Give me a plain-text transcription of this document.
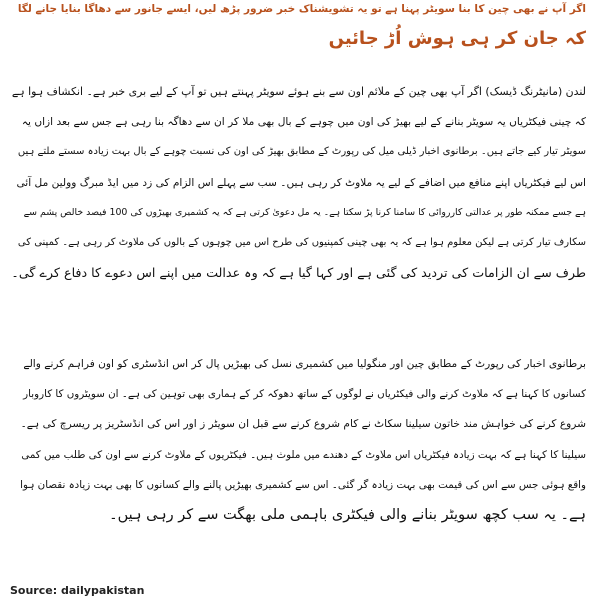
اگر آپ نے بھی چین کا بنا سویٹر پہنا ہے تو یہ تشویشناک خبر ضرور پڑھ لیں، ایسے جانور سے دھاگا بنایا جانے لگا
کہ جان کر ہی ہوش اُڑ جائیں

لندن (مانیٹرنگ ڈیسک) اگر آپ بھی چین کے ملائم اون سے بنے ہوئے سویٹر پہنتے ہیں تو آپ کے لیے بری خبر ہے۔ انکشاف ہوا ہے
کہ چینی فیکٹریاں یہ سویٹر بنانے کے لیے بھیڑ کی اون میں چوہے کے بال بھی ملا کر ان سے دھاگہ بنا رہی ہے جس سے بعد ازاں یہ
سویٹر تیار کیے جاتے ہیں۔ برطانوی اخبار ڈیلی میل کی رپورٹ کے مطابق بھیڑ کی اون کی نسبت چوہے کے بال بہت زیادہ سستے ملتے ہیں
اس لیے فیکٹریاں اپنے منافع میں اضافے کے لیے یہ ملاوٹ کر رہی ہیں۔ سب سے پہلے اس الزام کی زد میں ایڈ مبرگ وولین مل آئی
ہے جسے ممکنہ طور پر عدالتی کارروائی کا سامنا کرنا پڑ سکتا ہے۔ یہ مل دعویٰ کرتی ہے کہ یہ کشمیری بھیڑوں کی 100 فیصد خالص پشم سے
سکارف تیار کرتی ہے لیکن معلوم ہوا ہے کہ یہ بھی چینی کمپنیوں کی طرح اس میں چوہوں کے بالوں کی ملاوٹ کر رہی ہے۔ کمپنی کی
طرف سے ان الزامات کی تردید کی گئی ہے اور کہا گیا ہے کہ وہ عدالت میں اپنے اس دعوے کا دفاع کرے گی۔

برطانوی اخبار کی رپورٹ کے مطابق چین اور منگولیا میں کشمیری نسل کی بھیڑیں پال کر اس انڈسٹری کو اون فراہم کرنے والے
کسانوں کا کہنا ہے کہ ملاوٹ کرنے والی فیکٹریاں نے لوگوں کے ساتھ دھوکہ کر کے ہماری بھی توہین کی ہے۔ ان سویٹروں کا کاروبار
شروع کرنے کی خواہش مند خاتون سیلینا سکاٹ نے کام شروع کرنے سے قبل ان سویٹر ز اور اس کی انڈسٹریز پر ریسرچ کی ہے۔
سیلینا کا کہنا ہے کہ بہت زیادہ فیکٹریاں اس ملاوٹ کے دھندے میں ملوث ہیں۔ فیکٹریوں کے ملاوٹ کرنے سے اون کی طلب میں کمی
واقع ہوئی جس سے اس کی قیمت بھی بہت زیادہ گر گئی۔ اس سے کشمیری بھیڑیں پالنے والے کسانوں کا بھی بہت زیادہ نقصان ہوا
ہے۔ یہ سب کچھ سویٹر بنانے والی فیکٹری باہمی ملی بھگت سے کر رہی ہیں۔

Source: dailypakistan
